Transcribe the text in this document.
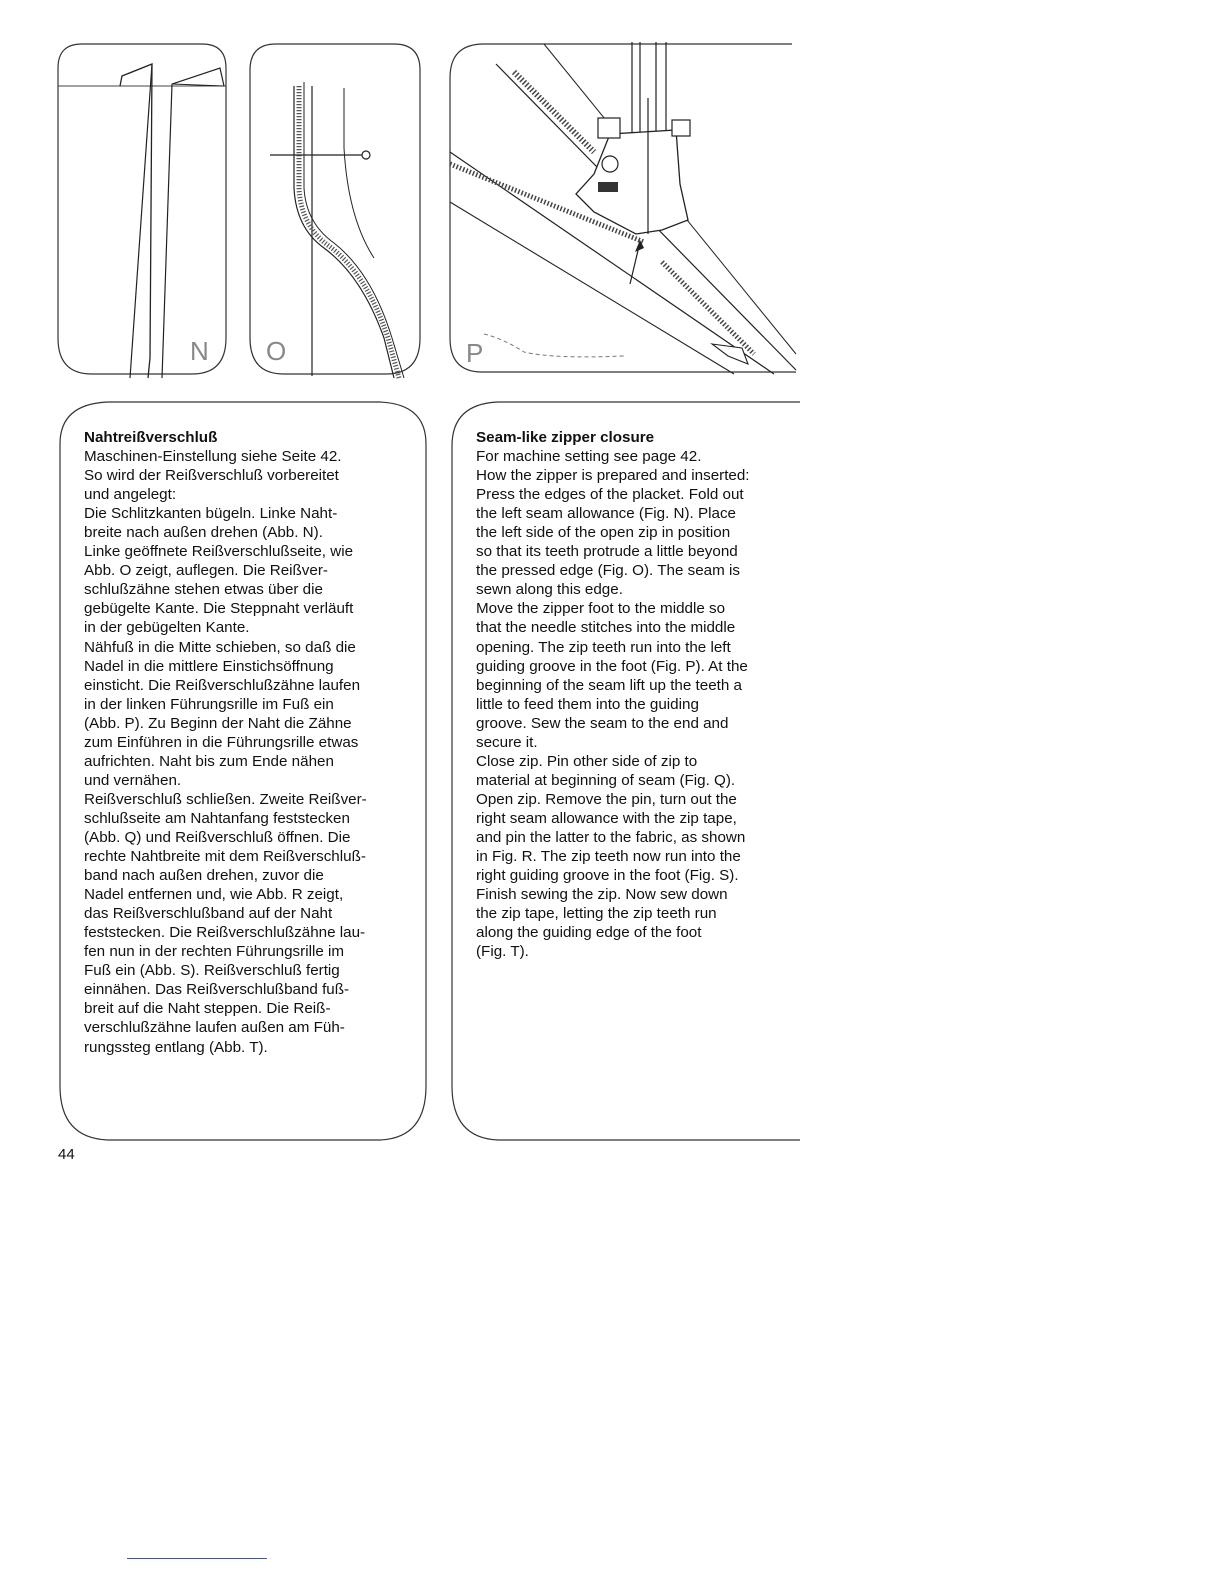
N O	P
Nahtreißverschluß

Maschinen-Einstellung siehe Seite 42.
So wird der Reißverschluß vorbereitet
und angelegt:
Die Schlitzkanten bügeln. Linke Naht-
breite nach außen drehen (Abb. N).
Linke geöffnete Reißverschlußseite, wie
Abb. O zeigt, auflegen. Die Reißver-
schlußzähne stehen etwas über die
gebügelte Kante. Die Steppnaht verläuft
in der gebügelten Kante.
Nähfuß in die Mitte schieben, so daß die
Nadel in die mittlere Einstichsöffnung
einsticht. Die Reißverschlußzähne laufen
in der linken Führungsrille im Fuß ein
(Abb. P). Zu Beginn der Naht die Zähne
zum Einführen in die Führungsrille etwas
aufrichten. Naht bis zum Ende nähen
und vernähen.
Reißverschluß schließen. Zweite Reißver-
schlußseite am Nahtanfang feststecken
(Abb. Q) und Reißverschluß öffnen. Die
rechte Nahtbreite mit dem Reißverschluß-
band nach außen drehen, zuvor die
Nadel entfernen und, wie Abb. R zeigt,
das Reißverschlußband auf der Naht
feststecken. Die Reißverschlußzähne lau-
fen nun in der rechten Führungsrille im
Fuß ein (Abb. S). Reißverschluß fertig
einnähen. Das Reißverschlußband fuß-
breit auf die Naht steppen. Die Reiß-
verschlußzähne laufen außen am Füh-
rungssteg entlang (Abb. T).

Seam-like zipper closure

For machine setting see page 42.
How the zipper is prepared and inserted:
Press the edges of the placket. Fold out
the left seam allowance (Fig. N). Place
the left side of the open zip in position
so that its teeth protrude a little beyond
the pressed edge (Fig. O). The seam is
sewn along this edge.
Move the zipper foot to the middle so
that the needle stitches into the middle
opening. The zip teeth run into the left
guiding groove in the foot (Fig. P). At the
beginning of the seam lift up the teeth a
little to feed them into the guiding
groove. Sew the seam to the end and
secure it.
Close zip. Pin other side of zip to
material at beginning of seam (Fig. Q).
Open zip. Remove the pin, turn out the
right seam allowance with the zip tape,
and pin the latter to the fabric, as shown
in Fig. R. The zip teeth now run into the
right guiding groove in the foot (Fig. S).
Finish sewing the zip. Now sew down
the zip tape, letting the zip teeth run
along the guiding edge of the foot
(Fig. T).

44
